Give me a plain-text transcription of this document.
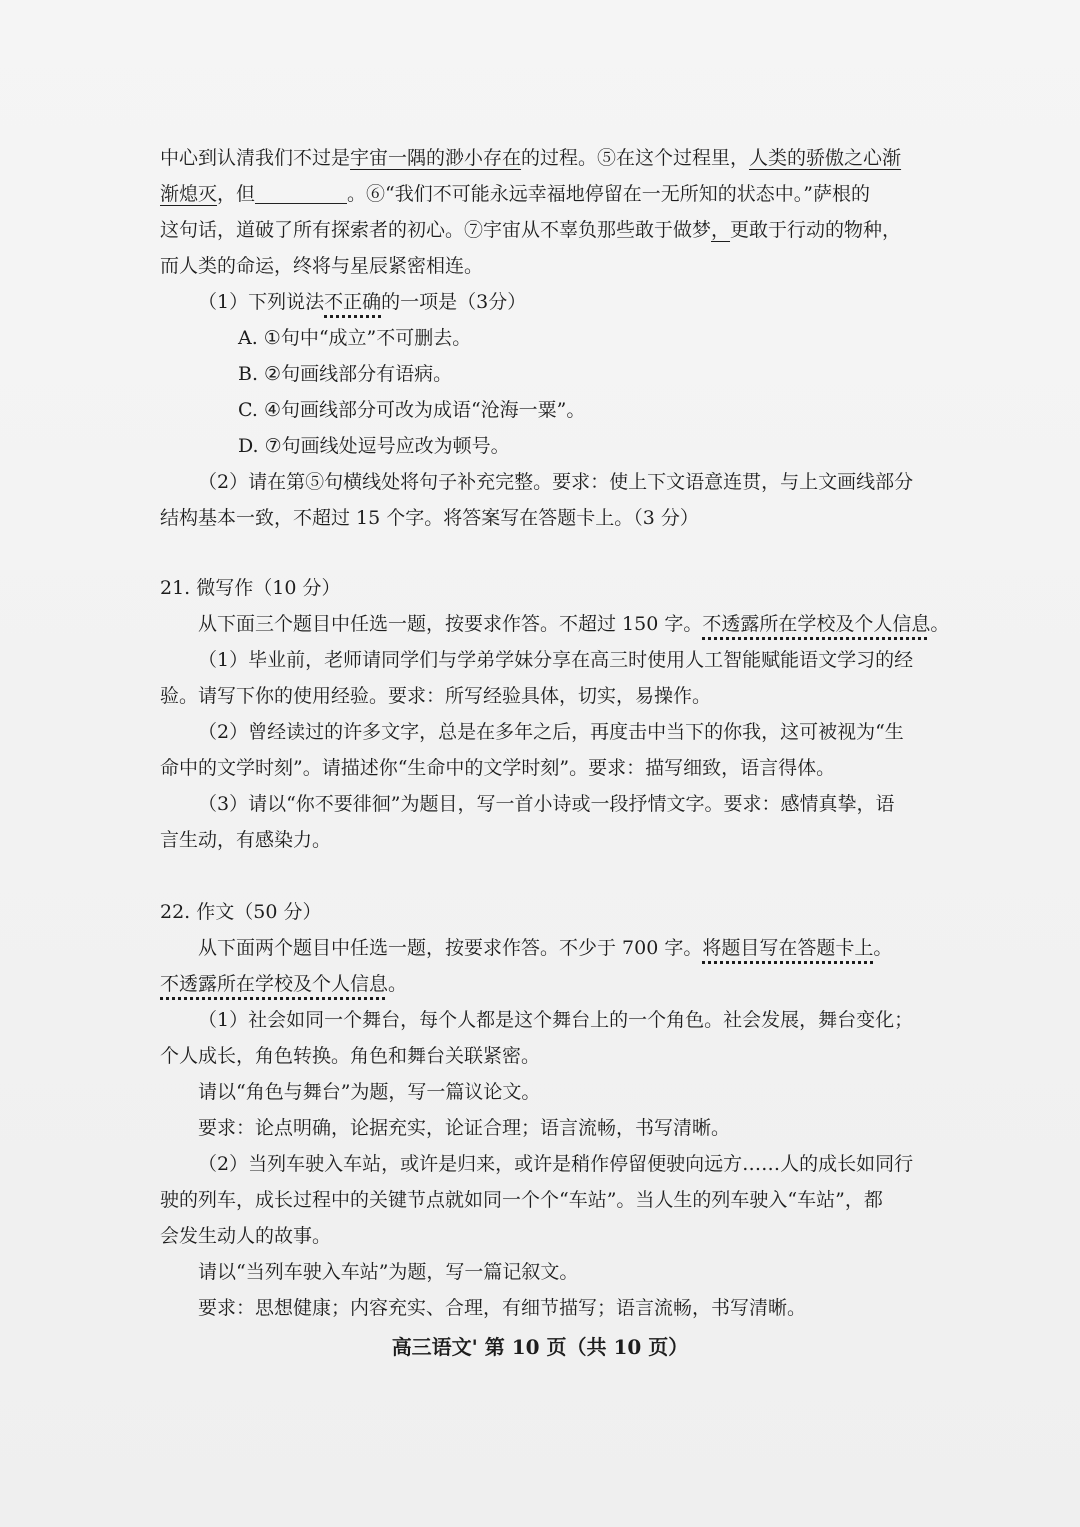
中心到认清我们不过是宇宙一隅的渺小存在的过程。⑤在这个过程里，人类的骄傲之心渐

渐熄灭，但	。⑥“我们不可能永远幸福地停留在一无所知的状态中。”萨根的

这句话，道破了所有探索者的初心。⑦宇宙从不辜负那些敢于做梦，更敢于行动的物种，

而人类的命运，终将与星辰紧密相连。

（1）下列说法不正确的一项是（3分）

A. ①句中“成立”不可删去。

B. ②句画线部分有语病。

C. ④句画线部分可改为成语“沧海一粟”。

D. ⑦句画线处逗号应改为顿号。

（2）请在第⑤句横线处将句子补充完整。要求：使上下文语意连贯，与上文画线部分

结构基本一致，不超过 15 个字。将答案写在答题卡上。（3 分）

21. 微写作（10 分）

从下面三个题目中任选一题，按要求作答。不超过 150 字。不透露所在学校及个人信息。

（1）毕业前，老师请同学们与学弟学妹分享在高三时使用人工智能赋能语文学习的经

验。请写下你的使用经验。要求：所写经验具体，切实，易操作。

（2）曾经读过的许多文字，总是在多年之后，再度击中当下的你我，这可被视为“生

命中的文学时刻”。请描述你“生命中的文学时刻”。要求：描写细致，语言得体。

（3）请以“你不要徘徊”为题目，写一首小诗或一段抒情文字。要求：感情真挚，语

言生动，有感染力。

22. 作文（50 分）

从下面两个题目中任选一题，按要求作答。不少于 700 字。将题目写在答题卡上。

不透露所在学校及个人信息。

（1）社会如同一个舞台，每个人都是这个舞台上的一个角色。社会发展，舞台变化；

个人成长，角色转换。角色和舞台关联紧密。

请以“角色与舞台”为题，写一篇议论文。

要求：论点明确，论据充实，论证合理；语言流畅，书写清晰。

（2）当列车驶入车站，或许是归来，或许是稍作停留便驶向远方……人的成长如同行

驶的列车，成长过程中的关键节点就如同一个个“车站”。当人生的列车驶入“车站”，都

会发生动人的故事。

请以“当列车驶入车站”为题，写一篇记叙文。

要求：思想健康；内容充实、合理，有细节描写；语言流畅，书写清晰。

高三语文' 第 10 页（共 10 页）
